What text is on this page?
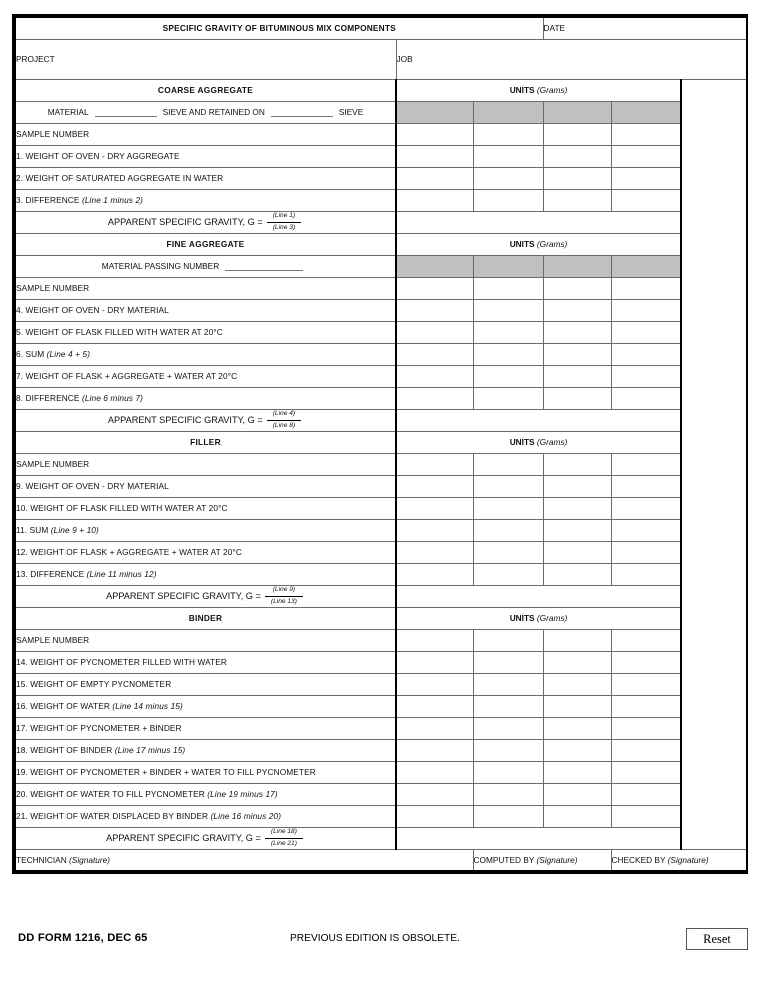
SPECIFIC GRAVITY OF BITUMINOUS MIX COMPONENTS			DATE	
PROJECT	JOB			
COARSE AGGREGATE	UNITS (Grams)			
MATERIAL SIEVE AND RETAINED ON SIEVE				
SAMPLE NUMBER				
1. WEIGHT OF OVEN - DRY AGGREGATE				
2. WEIGHT OF SATURATED AGGREGATE IN WATER				
3. DIFFERENCE (Line 1 minus 2)				

APPARENT SPECIFIC GRAVITY, $G = \frac{\text{(Line 1)}}{\text{(Line 3)}}$

FINE AGGREGATE	UNITS (Grams)			
MATERIAL PASSING NUMBER				
SAMPLE NUMBER				
4. WEIGHT OF OVEN - DRY MATERIAL				
5. WEIGHT OF FLASK FILLED WITH WATER AT 20°C				
6. SUM (Line 4 + 5)				
7. WEIGHT OF FLASK + AGGREGATE + WATER AT 20°C				
8. DIFFERENCE (Line 6 minus 7)				

APPARENT SPECIFIC GRAVITY, $G = \frac{\text{(Line 4)}}{\text{(Line 8)}}$

FILLER	UNITS (Grams)			
SAMPLE NUMBER				
9. WEIGHT OF OVEN - DRY MATERIAL				
10. WEIGHT OF FLASK FILLED WITH WATER AT 20°C				
11. SUM (Line 9 + 10)				
12. WEIGHT OF FLASK + AGGREGATE + WATER AT 20°C				
13. DIFFERENCE (Line 11 minus 12)				

APPARENT SPECIFIC GRAVITY, $G = \frac{\text{(Line 9)}}{\text{(Line 13)}}$

BINDER	UNITS (Grams)			
SAMPLE NUMBER				
14. WEIGHT OF PYCNOMETER FILLED WITH WATER				
15. WEIGHT OF EMPTY PYCNOMETER				
16. WEIGHT OF WATER (Line 14 minus 15)				
17. WEIGHT OF PYCNOMETER + BINDER				
18. WEIGHT OF BINDER (Line 17 minus 15)				
19. WEIGHT OF PYCNOMETER + BINDER + WATER TO FILL PYCNOMETER				
20. WEIGHT OF WATER TO FILL PYCNOMETER (Line 19 minus 17)				
21. WEIGHT OF WATER DISPLACED BY BINDER (Line 16 minus 20)				

APPARENT SPECIFIC GRAVITY, $G = \frac{\text{(Line 18)}}{\text{(Line 21)}}$

TECHNICIAN (Signature)		COMPUTED BY (Signature)		CHECKED BY (Signature)
DD FORM 1216, DEC 65	PREVIOUS EDITION IS OBSOLETE.	Reset
